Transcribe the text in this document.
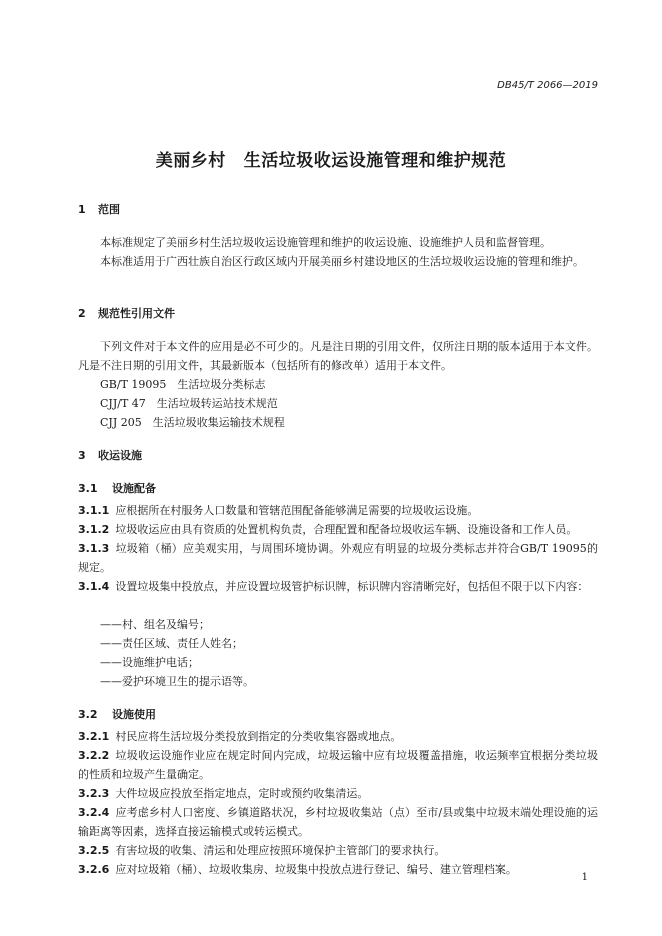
DB45/T 2066—2019
美丽乡村 生活垃圾收运设施管理和维护规范
1 范围
本标准规定了美丽乡村生活垃圾收运设施管理和维护的收运设施、设施维护人员和监督管理。
本标准适用于广西壮族自治区行政区域内开展美丽乡村建设地区的生活垃圾收运设施的管理和维护。
2 规范性引用文件
下列文件对于本文件的应用是必不可少的。凡是注日期的引用文件，仅所注日期的版本适用于本文件。凡是不注日期的引用文件，其最新版本（包括所有的修改单）适用于本文件。
GB/T 19095　生活垃圾分类标志
CJJ/T 47　生活垃圾转运站技术规范
CJJ 205　生活垃圾收集运输技术规程
3 收运设施
3.1 设施配备
3.1.1 应根据所在村服务人口数量和管辖范围配备能够满足需要的垃圾收运设施。
3.1.2 垃圾收运应由具有资质的处置机构负责，合理配置和配备垃圾收运车辆、设施设备和工作人员。
3.1.3 垃圾箱（桶）应美观实用，与周围环境协调。外观应有明显的垃圾分类标志并符合GB/T 19095的规定。
3.1.4 设置垃圾集中投放点，并应设置垃圾管护标识牌，标识牌内容清晰完好，包括但不限于以下内容：
——村、组名及编号；
——责任区域、责任人姓名；
——设施维护电话；
——爱护环境卫生的提示语等。
3.2 设施使用
3.2.1 村民应将生活垃圾分类投放到指定的分类收集容器或地点。
3.2.2 垃圾收运设施作业应在规定时间内完成，垃圾运输中应有垃圾覆盖措施，收运频率宜根据分类垃圾的性质和垃圾产生量确定。
3.2.3 大件垃圾应投放至指定地点，定时或预约收集清运。
3.2.4 应考虑乡村人口密度、乡镇道路状况，乡村垃圾收集站（点）至市/县或集中垃圾末端处理设施的运输距离等因素，选择直接运输模式或转运模式。
3.2.5 有害垃圾的收集、清运和处理应按照环境保护主管部门的要求执行。
3.2.6 应对垃圾箱（桶）、垃圾收集房、垃圾集中投放点进行登记、编号、建立管理档案。
1
